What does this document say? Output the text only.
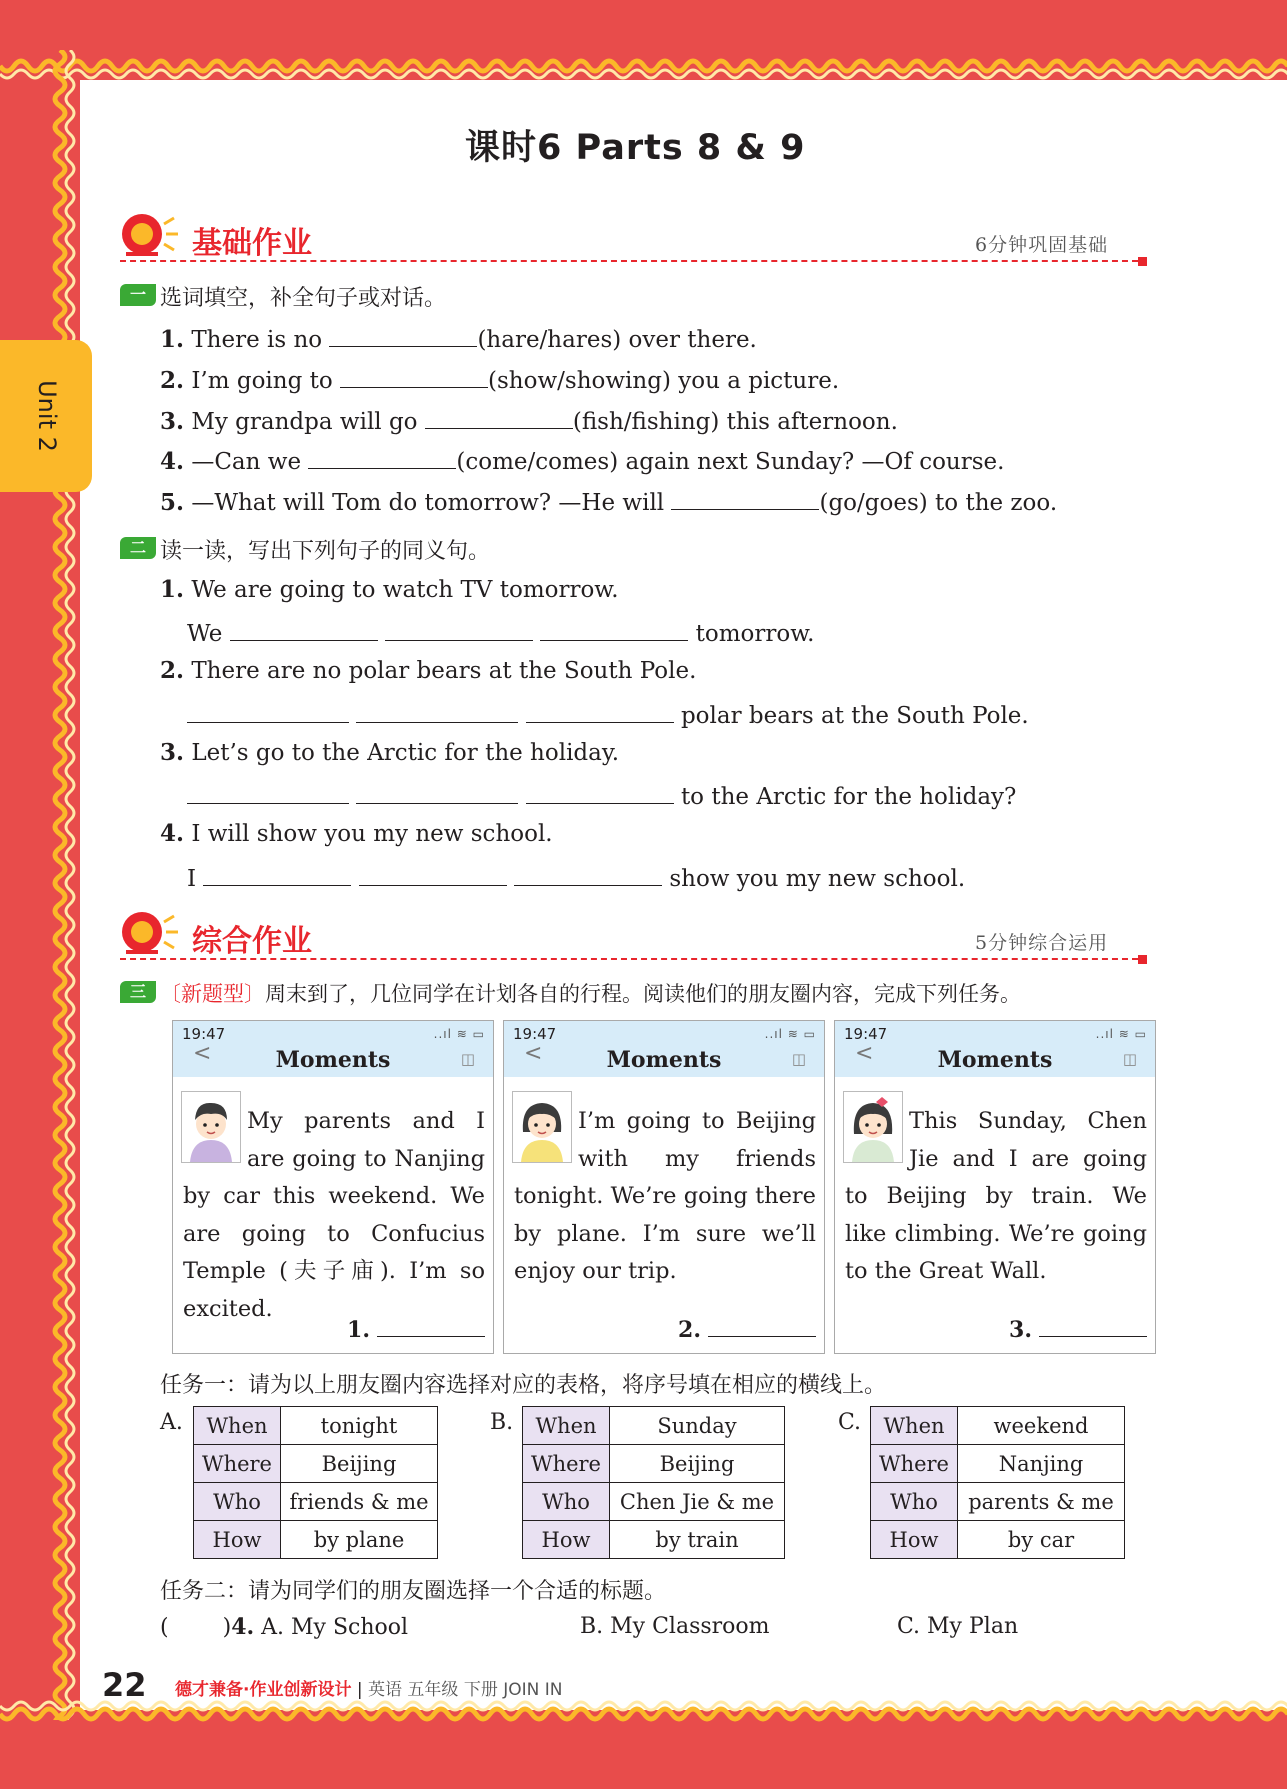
Unit 2
课时6 Parts 8 & 9
基础作业	6分钟巩固基础
一 选词填空，补全句子或对话。
1. There is no	(hare/hares) over there.
2. I’m going to	(show/showing) you a picture.
3. My grandpa will go	(fish/fishing) this afternoon.
4. —Can we	(come/comes) again next Sunday? —Of course.
5. —What will Tom do tomorrow? —He will	(go/goes) to the zoo.
二 读一读，写出下列句子的同义句。
1. We are going to watch TV tomorrow.
We	tomorrow.
2. There are no polar bears at the South Pole.
polar bears at the South Pole.
3. Let’s go to the Arctic for the holiday.
to the Arctic for the holiday?
4. I will show you my new school.
I	show you my new school.
综合作业	5分钟综合运用
三 〔新题型〕周末到了，几位同学在计划各自的行程。阅读他们的朋友圈内容，完成下列任务。
19:47	..ıl ≋ ▭
<	Moments	◫
My parents and I are going to Nanjing by car this weekend. We are going to Confucius Temple (夫子庙). I’m so excited.
1.
19:47	..ıl ≋ ▭
<	Moments	◫
I’m going to Beijing with my friends tonight. We’re going there by plane. I’m sure we’ll enjoy our trip.
2.
19:47	..ıl ≋ ▭
<	Moments	◫
This Sunday, Chen Jie and I are going to Beijing by train. We like climbing. We’re going to the Great Wall.
3.
任务一：请为以上朋友圈内容选择对应的表格，将序号填在相应的横线上。
A. When	tonight
Where	Beijing
Who	friends & me
How	by plane
B. When	Sunday
Where	Beijing
Who	Chen Jie & me
How	by train
C. When	weekend
Where	Nanjing
Who	parents & me
How	by car
任务二：请为同学们的朋友圈选择一个合适的标题。
( )4. A. My School	B. My Classroom	C. My Plan
22 德才兼备·作业创新设计 | 英语 五年级 下册 JOIN IN
